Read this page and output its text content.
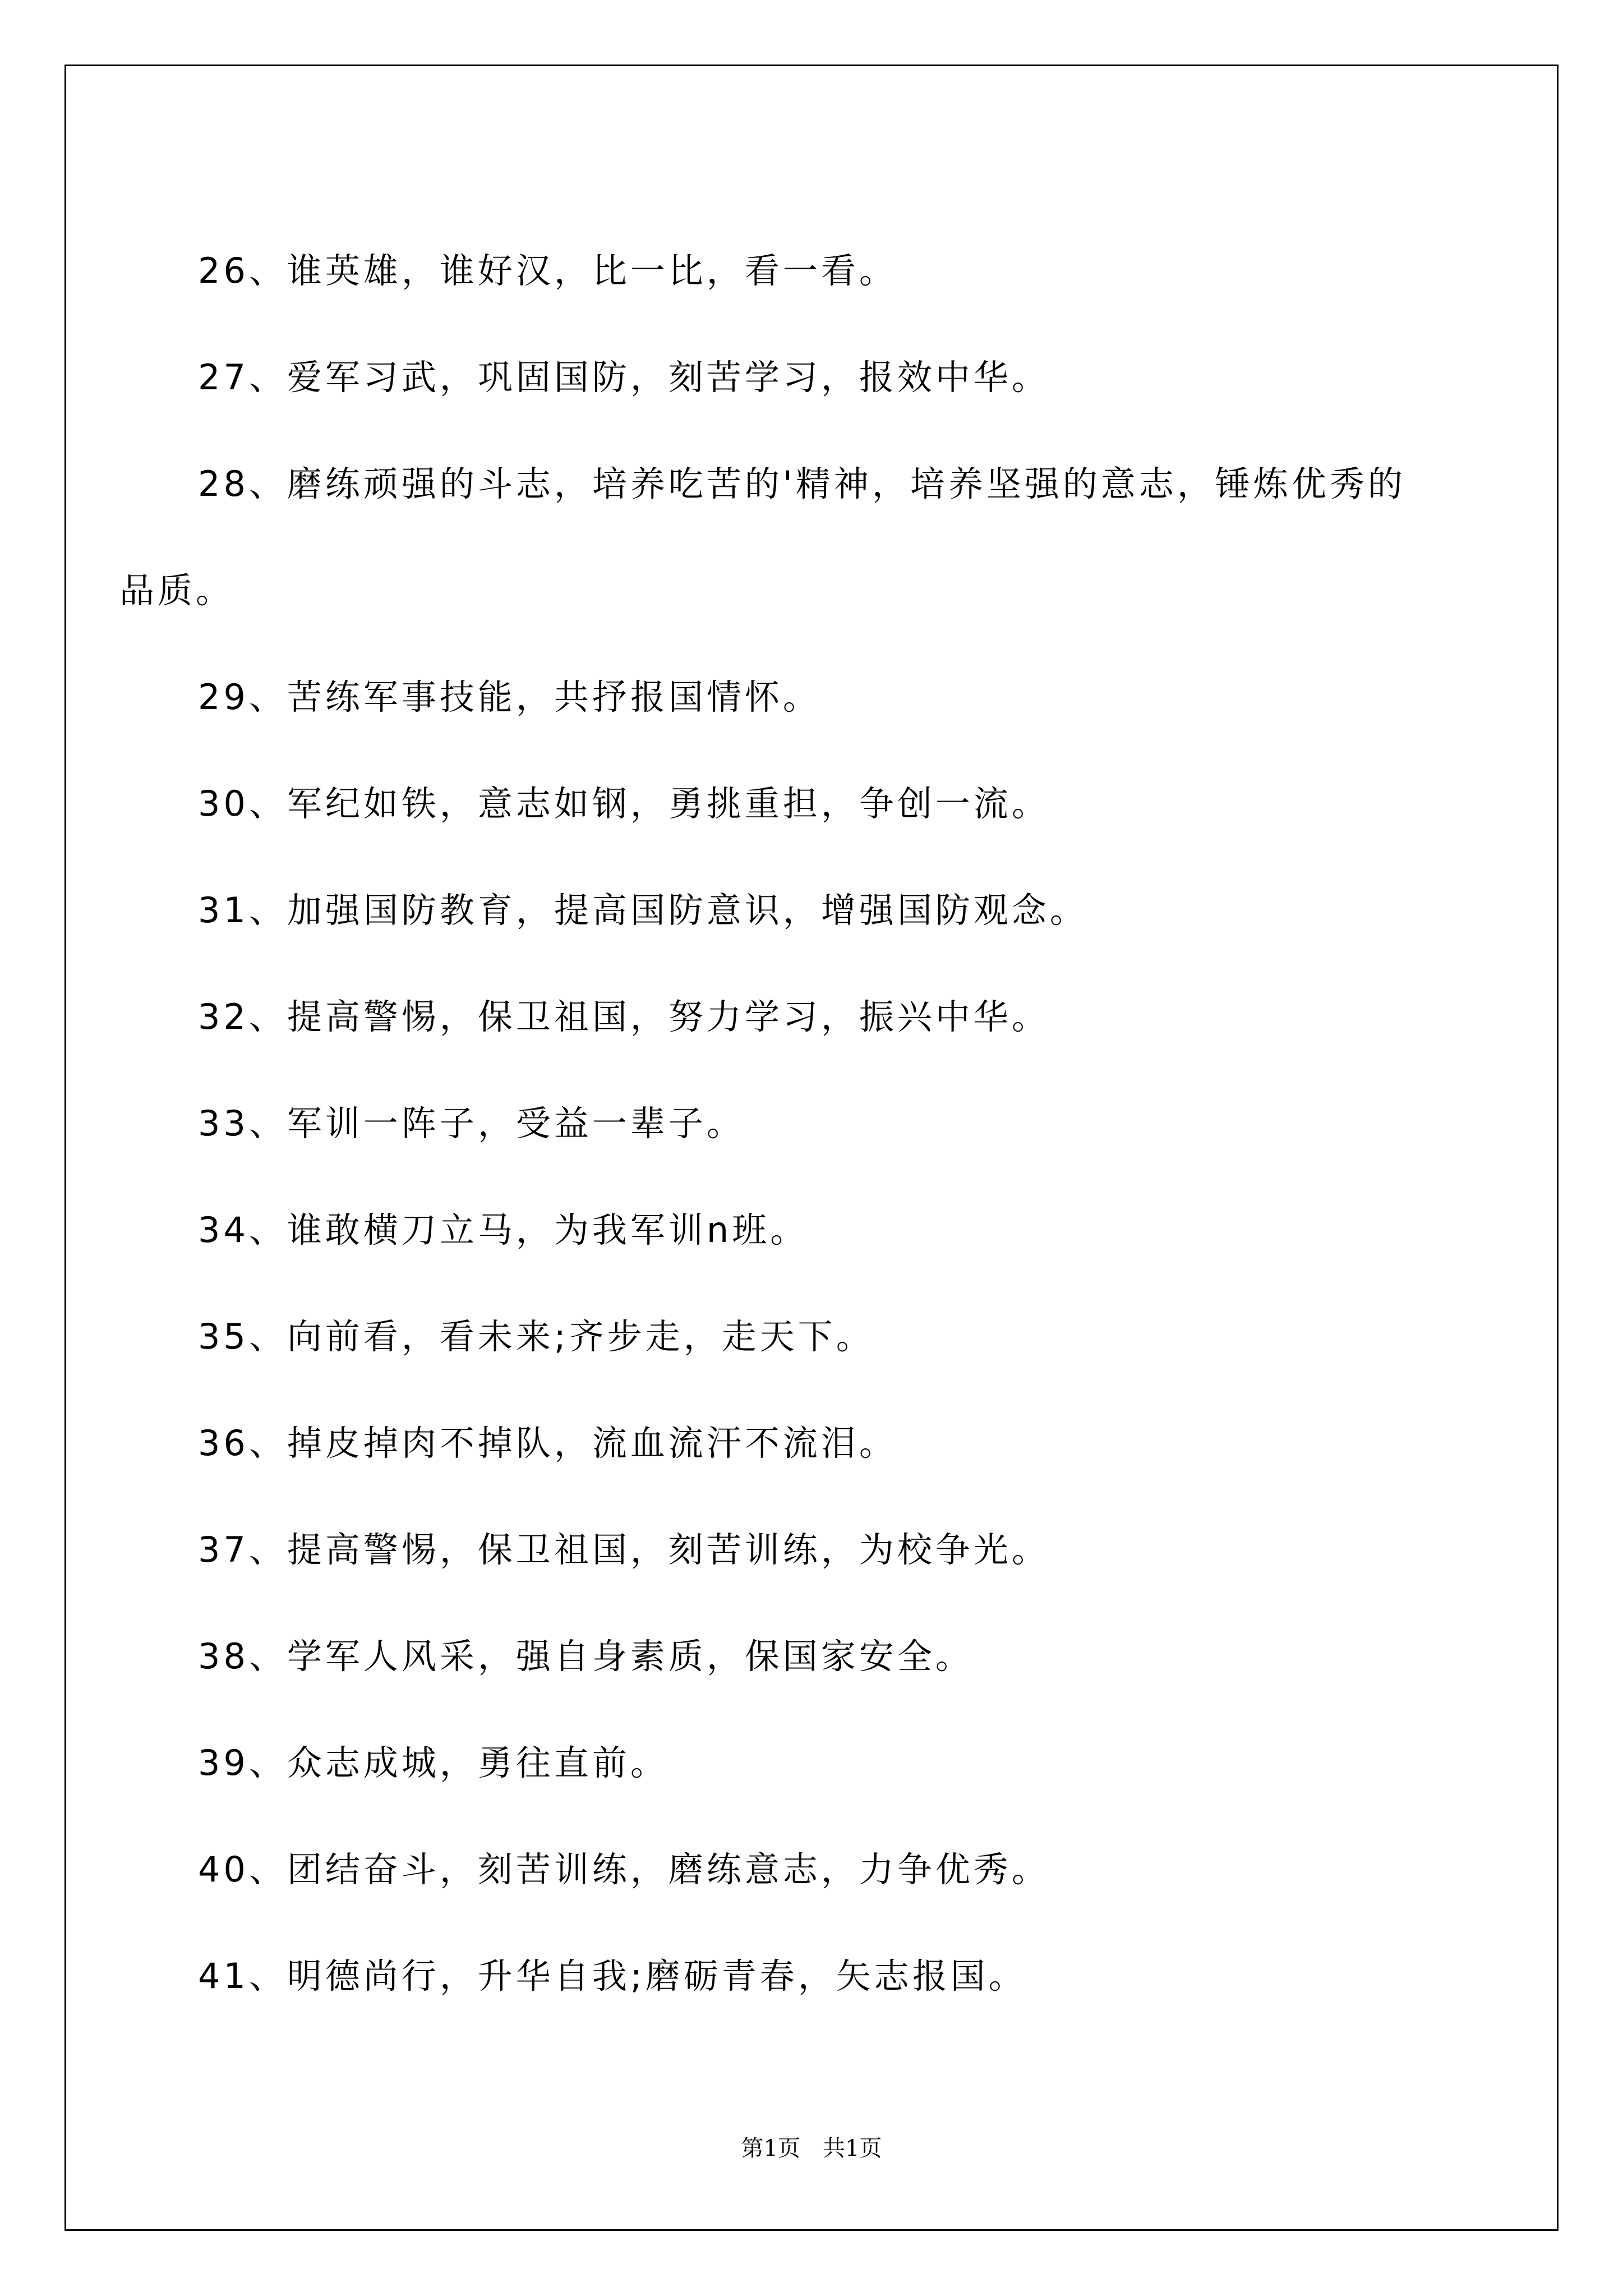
26、谁英雄，谁好汉，比一比，看一看。

27、爱军习武，巩固国防，刻苦学习，报效中华。

28、磨练顽强的斗志，培养吃苦的'精神，培养坚强的意志，锤炼优秀的品质。

29、苦练军事技能，共抒报国情怀。

30、军纪如铁，意志如钢，勇挑重担，争创一流。

31、加强国防教育，提高国防意识，增强国防观念。

32、提高警惕，保卫祖国，努力学习，振兴中华。

33、军训一阵子，受益一辈子。

34、谁敢横刀立马，为我军训n班。

35、向前看，看未来;齐步走，走天下。

36、掉皮掉肉不掉队，流血流汗不流泪。

37、提高警惕，保卫祖国，刻苦训练，为校争光。

38、学军人风采，强自身素质，保国家安全。

39、众志成城，勇往直前。

40、团结奋斗，刻苦训练，磨练意志，力争优秀。

41、明德尚行，升华自我;磨砺青春，矢志报国。

第1页　共1页
